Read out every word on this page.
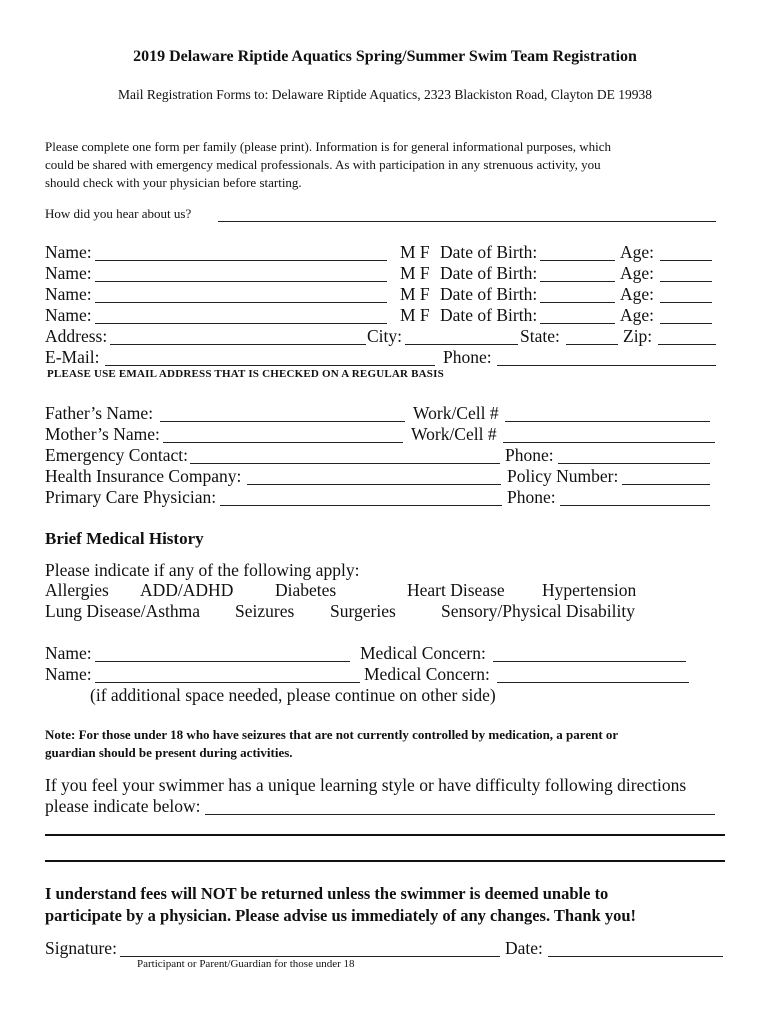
2019 Delaware Riptide Aquatics Spring/Summer Swim Team Registration
Mail Registration Forms to: Delaware Riptide Aquatics, 2323 Blackiston Road, Clayton DE 19938
Please complete one form per family (please print). Information is for general informational purposes, which
could be shared with emergency medical professionals. As with participation in any strenuous activity, you
should check with your physician before starting.
How did you hear about us?
Name:	M F Date of Birth:	Age:
Name:	M F Date of Birth:	Age:
Name:	M F Date of Birth:	Age:
Name:	M F Date of Birth:	Age:
Address:	City:	State:	Zip:
E-Mail:	Phone:
PLEASE USE EMAIL ADDRESS THAT IS CHECKED ON A REGULAR BASIS
Father’s Name:	Work/Cell #
Mother’s Name:	Work/Cell #
Emergency Contact:	Phone:
Health Insurance Company:	Policy Number:
Primary Care Physician:	Phone:
Brief Medical History
Please indicate if any of the following apply:
Allergies ADD/ADHD Diabetes	Heart Disease Hypertension
Lung Disease/Asthma Seizures Surgeries	Sensory/Physical Disability
Name:	Medical Concern:
Name:	Medical Concern:
(if additional space needed, please continue on other side)
Note: For those under 18 who have seizures that are not currently controlled by medication, a parent or
guardian should be present during activities.
If you feel your swimmer has a unique learning style or have difficulty following directions
please indicate below:
I understand fees will NOT be returned unless the swimmer is deemed unable to
participate by a physician. Please advise us immediately of any changes. Thank you!
Signature:	Date:
Participant or Parent/Guardian for those under 18
